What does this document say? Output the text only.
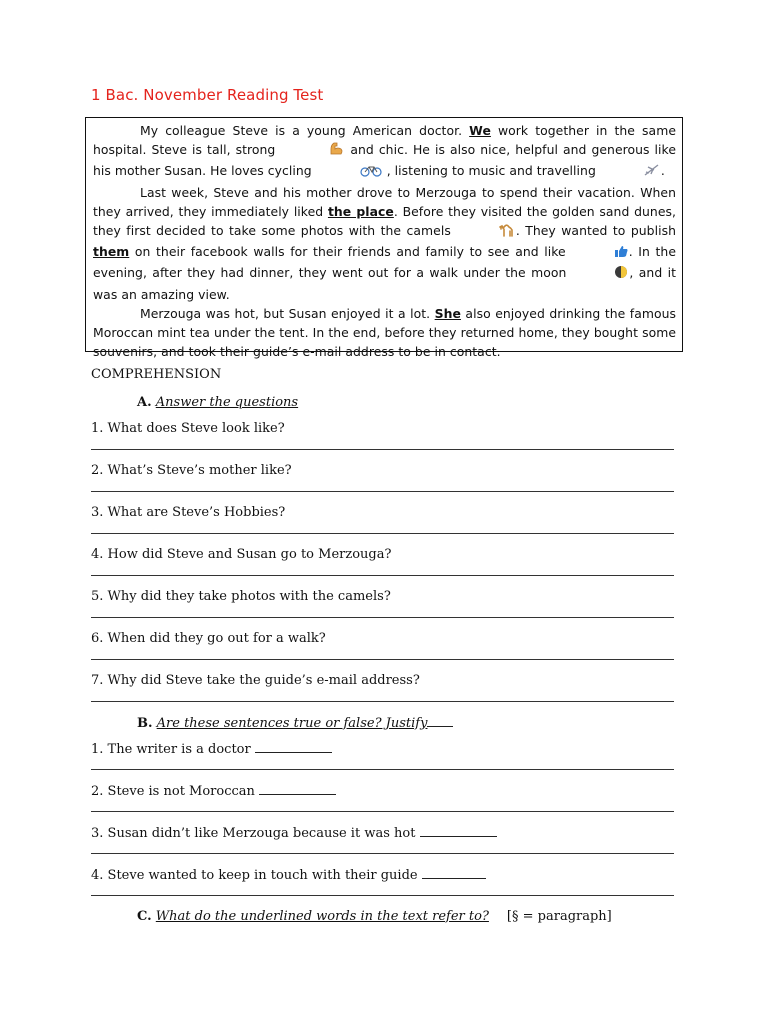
1 Bac. November Reading Test

My colleague Steve is a young American doctor. We work together in the same hospital. Steve is tall, strong	and chic. He is also nice, helpful and generous like his mother Susan. He loves cycling	, listening to music and travelling	.

Last week, Steve and his mother drove to Merzouga to spend their vacation. When they arrived, they immediately liked the place. Before they visited the golden sand dunes, they first decided to take some photos with the camels	. They wanted to publish them on their facebook walls for their friends and family to see and like	. In the evening, after they had dinner, they went out for a walk under the moon	, and it was an amazing view.

Merzouga was hot, but Susan enjoyed it a lot. She also enjoyed drinking the famous Moroccan mint tea under the tent. In the end, before they returned home, they bought some souvenirs, and took their guide’s e-mail address to be in contact.

COMPREHENSION
A. Answer the questions
1. What does Steve look like?
2. What’s Steve’s mother like?
3. What are Steve’s Hobbies?
4. How did Steve and Susan go to Merzouga?
5. Why did they take photos with the camels?
6. When did they go out for a walk?
7. Why did Steve take the guide’s e-mail address?
B. Are these sentences true or false? Justify
1. The writer is a doctor
2. Steve is not Moroccan
3. Susan didn’t like Merzouga because it was hot
4. Steve wanted to keep in touch with their guide
C. What do the underlined words in the text refer to? [§ = paragraph]
